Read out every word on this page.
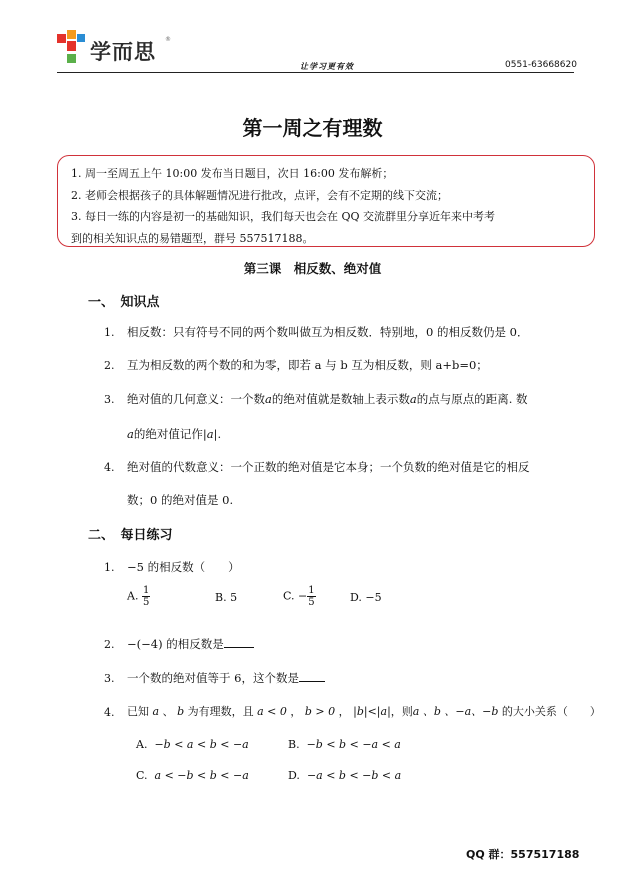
学而思
®
让学习更有效	0551-63668620
第一周之有理数

1. 周一至周五上午 10:00 发布当日题目，次日 16:00 发布解析；

2. 老师会根据孩子的具体解题情况进行批改，点评，会有不定期的线下交流；

3. 每日一练的内容是初一的基础知识，我们每天也会在 QQ 交流群里分享近年来中考考

到的相关知识点的易错题型，群号 557517188。

第三课　相反数、绝对值
一、　知识点
1. 相反数：只有符号不同的两个数叫做互为相反数．特别地，0 的相反数仍是 0．
2. 互为相反数的两个数的和为零，即若 a 与 b 互为相反数，则 a+b=0；
3. 绝对值的几何意义：一个数a的绝对值就是数轴上表示数a的点与原点的距离. 数
a的绝对值记作|a|.
4. 绝对值的代数意义：一个正数的绝对值是它本身；一个负数的绝对值是它的相反
数；0 的绝对值是 0.
二、　每日练习
1. −5 的相反数（　　）
A. $\frac{1}{5}$	B. 5	C. − $\frac{1}{5}$	D. −5
2. −(−4) 的相反数是
3. 一个数的绝对值等于 6，这个数是
4. 已知 a 、 b 为有理数，且 a < 0 ， b > 0 ， |b|<|a|，则a 、b 、−a、−b 的大小关系（　　）
A. −b < a < b < −a	B. −b < b < −a < a
C. a < −b < b < −a	D. −a < b < −b < a
QQ 群：557517188
